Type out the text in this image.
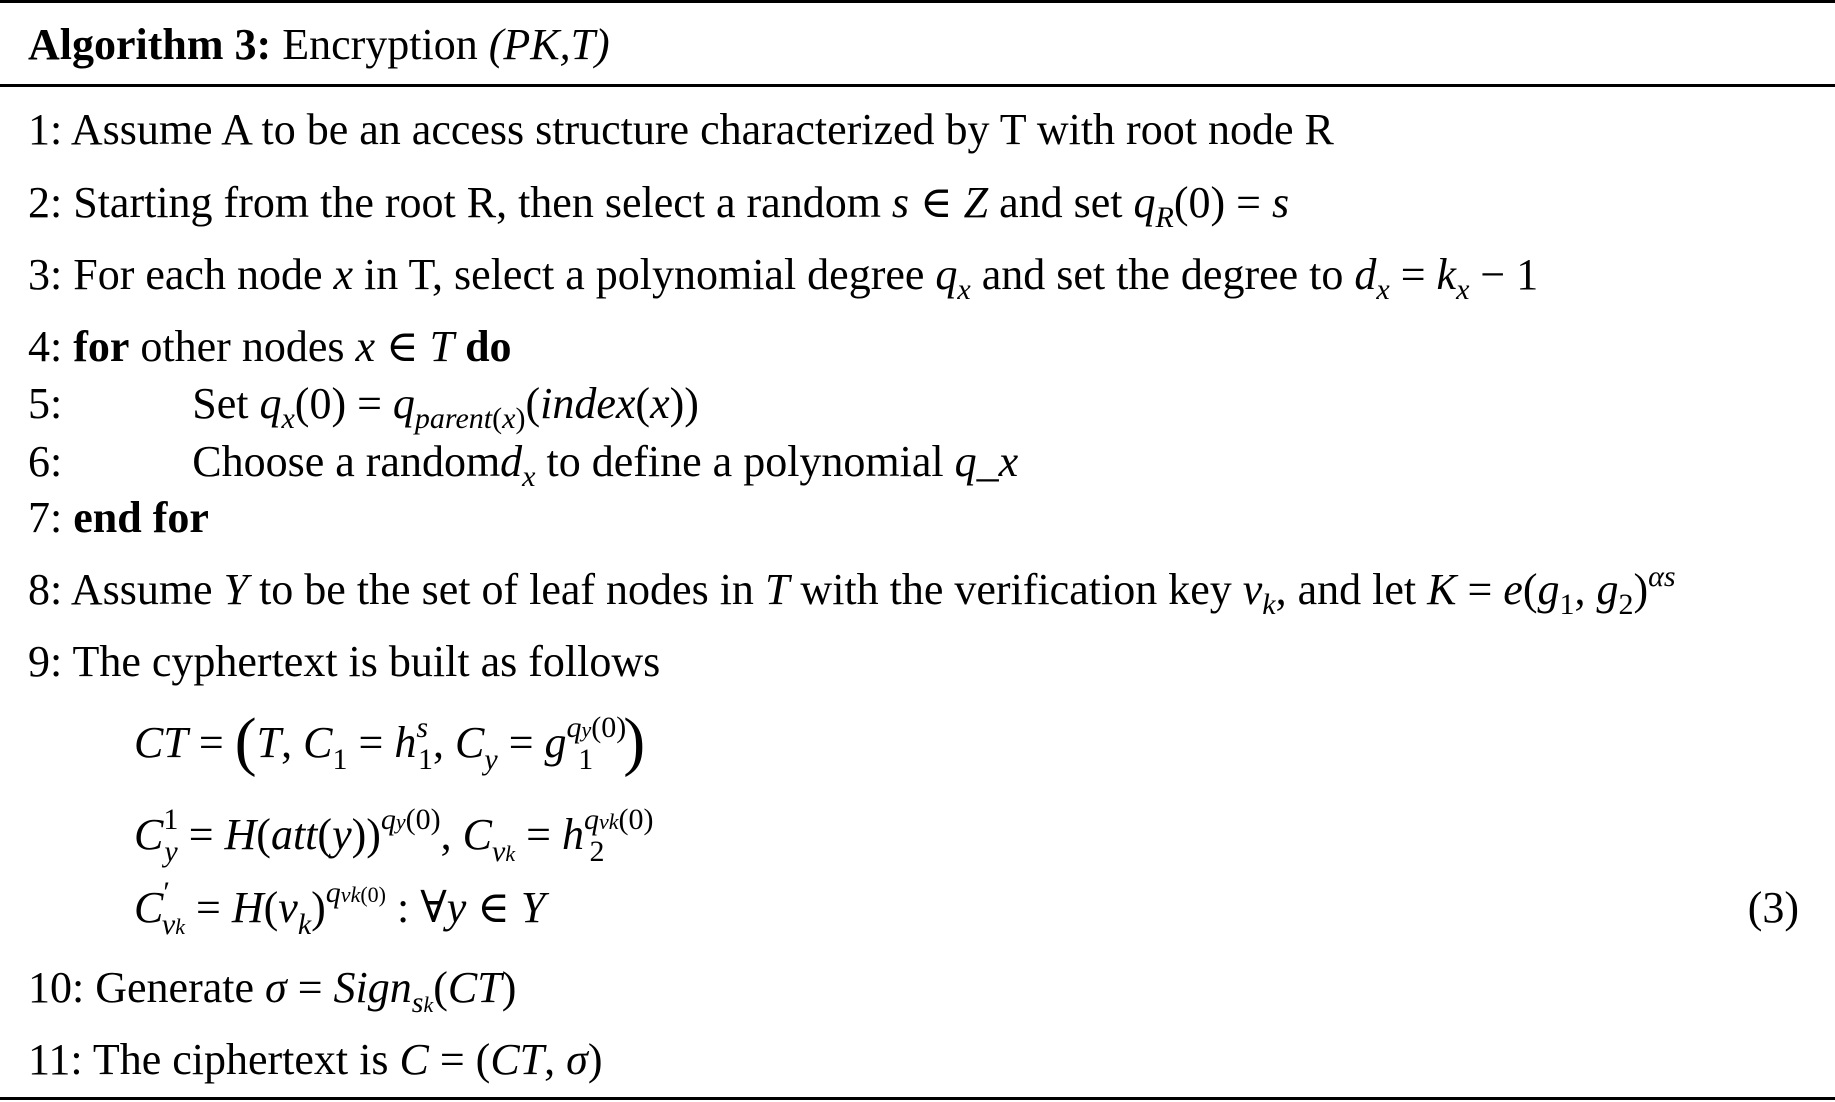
Algorithm 3: Encryption (PK,T)
1: Assume A to be an access structure characterized by T with root node R
2: Starting from the root R, then select a random s ∈ Z and set $q_R(0) = s$
3: For each node x in T, select a polynomial degree $q_x$ and set the degree to $d_x = k_x - 1$
4: for other nodes x ∈ T do
5:	Set $q_x(0)$ = $q_{parent(x)}(index(x))$
6:	Choose a randomd$_x$ to define a polynomial q_x
7: end for
8: Assume Y to be the set of leaf nodes in T with the verification key $v_k$, and let $K = e(g_1$, $g_2)^{\alpha s}$
9: The cyphertext is built as follows
CT = (T, $C_1 = h^s_1$, $C_y = g^{qy(0)}_1$ )
$C^1_y = H(att(y))^{qy(0)}$, $C_{vk} = h^{qvk(0)}_2$
$C'_{vk} = H(v_k)^{qvk(0)}$ : ∀y ∈ Y	(3)
10: Generate σ = Sign$_{sk}$(CT)
11: The ciphertext is C = (CT, σ)
